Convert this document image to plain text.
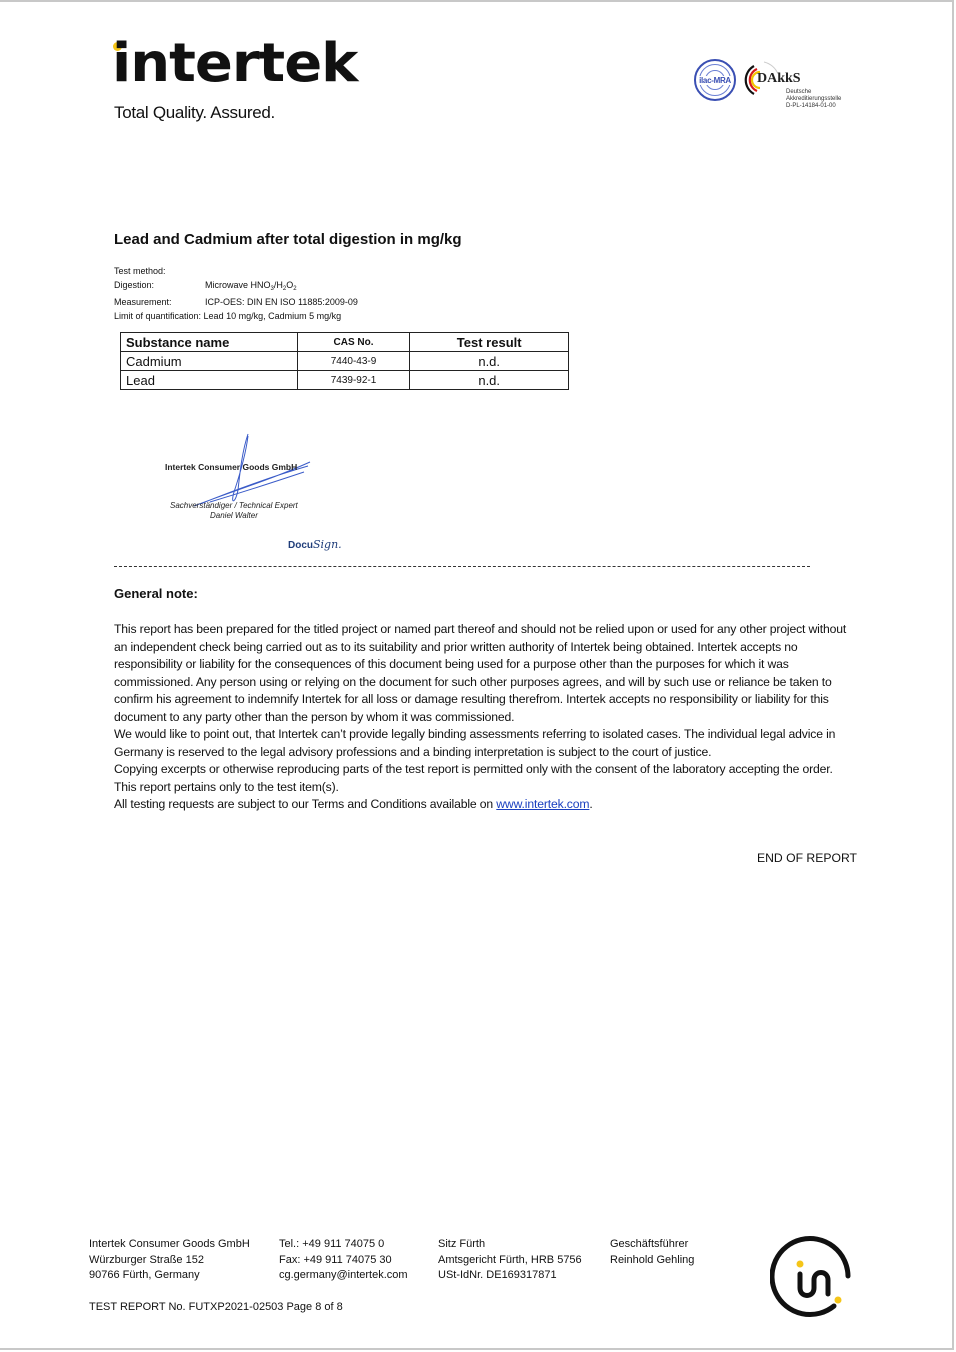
intertek
Total Quality. Assured.
ilac-MRA DAkkS
Deutsche
Akkreditierungsstelle
D-PL-14184-01-00
Lead and Cadmium after total digestion in mg/kg
Test method:
Digestion:	Microwave $HNO_3/H_2O_2$
Measurement:	ICP-OES: DIN EN ISO 11885:2009-09
Limit of quantification: Lead 10 mg/kg, Cadmium 5 mg/kg
Substance name	CAS No.	Test result
Cadmium	7440-43-9	n.d.
Lead	7439-92-1	n.d.
Intertek Consumer Goods GmbH
Sachverständiger / Technical Expert
Daniel Walter
DocuSign.
General note:

This report has been prepared for the titled project or named part thereof and should not be relied upon or used for any other project without an independent check being carried out as to its suitability and prior written authority of Intertek being obtained. Intertek accepts no responsibility or liability for the consequences of this document being used for a purpose other than the purposes for which it was commissioned. Any person using or relying on the document for such other purposes agrees, and will by such use or reliance be taken to confirm his agreement to indemnify Intertek for all loss or damage resulting therefrom. Intertek accepts no responsibility or liability for this document to any party other than the person by whom it was commissioned.

We would like to point out, that Intertek can’t provide legally binding assessments referring to isolated cases. The individual legal advice in Germany is reserved to the legal advisory professions and a binding interpretation is subject to the court of justice.

Copying excerpts or otherwise reproducing parts of the test report is permitted only with the consent of the laboratory accepting the order. This report pertains only to the test item(s).

All testing requests are subject to our Terms and Conditions available on www.intertek.com.

END OF REPORT
Intertek Consumer Goods GmbH
Würzburger Straße 152
90766 Fürth, Germany
Tel.: +49 911 74075 0
Fax: +49 911 74075 30
cg.germany@intertek.com
Sitz Fürth
Amtsgericht Fürth, HRB 5756
USt-IdNr. DE169317871
Geschäftsführer
Reinhold Gehling
TEST REPORT No. FUTXP2021-02503 Page 8 of 8
